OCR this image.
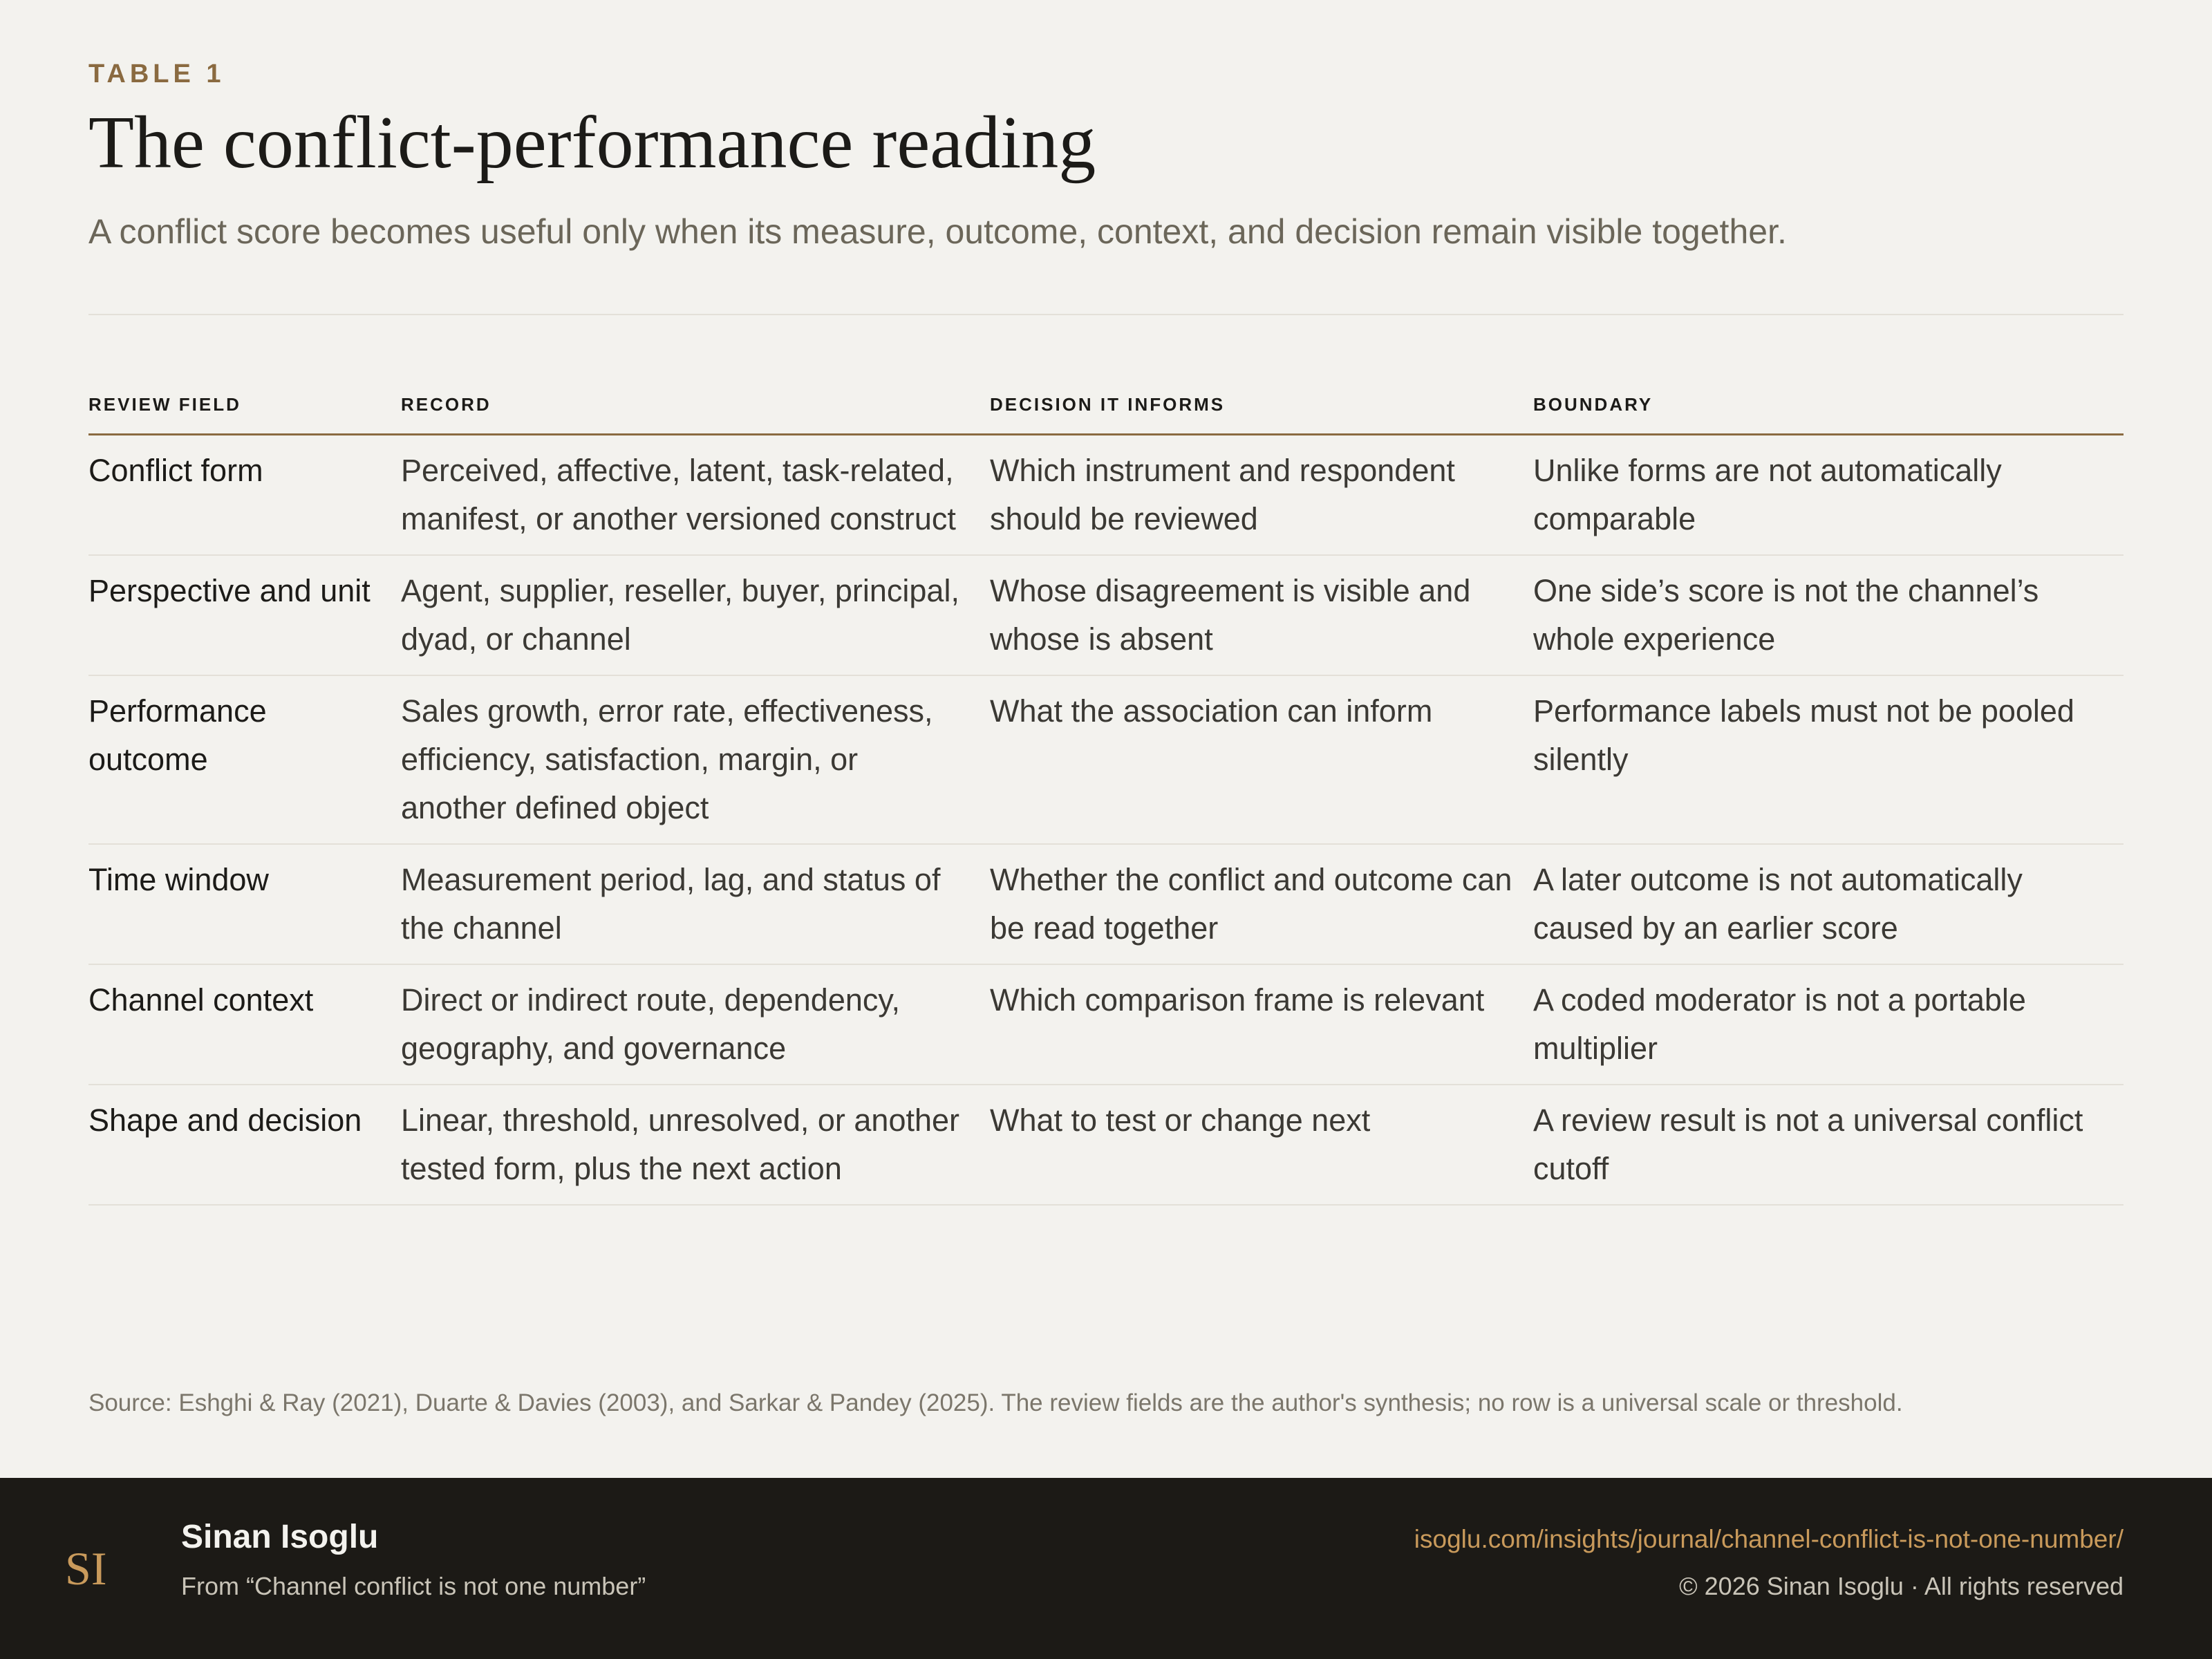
TABLE 1
The conflict-performance reading
A conflict score becomes useful only when its measure, outcome, context, and decision remain visible together.
REVIEW FIELD	RECORD	DECISION IT INFORMS	BOUNDARY
Conflict form	Perceived, affective, latent, task-related, manifest, or another versioned construct	Which instrument and respondent should be reviewed	Unlike forms are not automatically comparable
Perspective and unit	Agent, supplier, reseller, buyer, principal, dyad, or channel	Whose disagreement is visible and whose is absent	One side’s score is not the channel’s whole experience
Performance outcome	Sales growth, error rate, effectiveness, efficiency, satisfaction, margin, or another defined object	What the association can inform	Performance labels must not be pooled silently
Time window	Measurement period, lag, and status of the channel	Whether the conflict and outcome can be read together	A later outcome is not automatically caused by an earlier score
Channel context	Direct or indirect route, dependency, geography, and governance	Which comparison frame is relevant	A coded moderator is not a portable multiplier
Shape and decision	Linear, threshold, unresolved, or another tested form, plus the next action	What to test or change next	A review result is not a universal conflict cutoff
Source: Eshghi & Ray (2021), Duarte & Davies (2003), and Sarkar & Pandey (2025). The review fields are the author's synthesis; no row is a universal scale or threshold.
SI
Sinan Isoglu
From “Channel conflict is not one number”
isoglu.com/insights/journal/channel-conflict-is-not-one-number/
© 2026 Sinan Isoglu · All rights reserved
